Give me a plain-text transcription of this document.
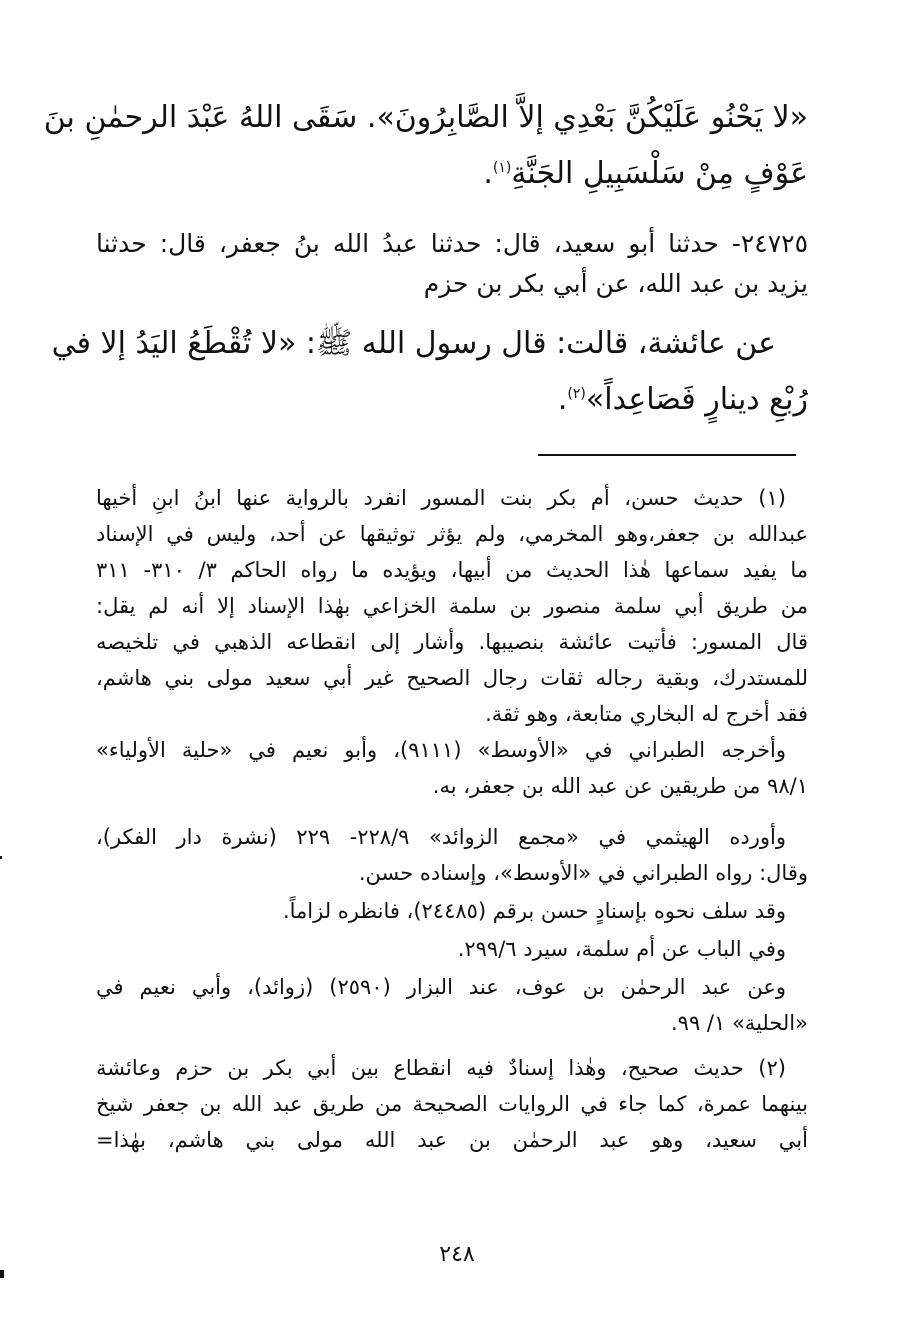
«لا يَحْنُو عَلَيْكُنَّ بَعْدِي إلاَّ الصَّابِرُونَ». سَقَى اللهُ عَبْدَ الرحمٰنِ بنَ
عَوْفٍ مِنْ سَلْسَبِيلِ الجَنَّةِ$^{(١)}$.
٢٤٧٢٥- حدثنا أبو سعيد، قال: حدثنا عبدُ الله بنُ جعفر، قال: حدثنا
يزيد بن عبد الله، عن أبي بكر بن حزم
عن عائشة، قالت: قال رسول الله ﷺ: «لا تُقْطَعُ اليَدُ إلا في
رُبْعِ دينارٍ فَصَاعِداً»$^{(٢)}$.
(١) حديث حسن، أم بكر بنت المسور انفرد بالرواية عنها ابنُ ابنِ أخيها
عبدالله بن جعفر،وهو المخرمي، ولم يؤثر توثيقها عن أحد، وليس في الإسناد
ما يفيد سماعها هٰذا الحديث من أبيها، ويؤيده ما رواه الحاكم ٣/ ٣١٠- ٣١١
من طريق أبي سلمة منصور بن سلمة الخزاعي بهٰذا الإسناد إلا أنه لم يقل:
قال المسور: فأتيت عائشة بنصيبها. وأشار إلى انقطاعه الذهبي في تلخيصه
للمستدرك، وبقية رجاله ثقات رجال الصحيح غير أبي سعيد مولى بني هاشم،
فقد أخرج له البخاري متابعة، وهو ثقة.
وأخرجه الطبراني في «الأوسط» (٩١١١)، وأبو نعيم في «حلية الأولياء»
٩٨/١ من طريقين عن عبد الله بن جعفر، به.
وأورده الهيثمي في «مجمع الزوائد» ٢٢٨/٩- ٢٢٩ (نشرة دار الفكر)،
وقال: رواه الطبراني في «الأوسط»، وإسناده حسن.
وقد سلف نحوه بإسنادٍ حسن برقم (٢٤٤٨٥)، فانظره لزاماً.
وفي الباب عن أم سلمة، سيرد ٢٩٩/٦.
وعن عبد الرحمٰن بن عوف، عند البزار (٢٥٩٠) (زوائد)، وأبي نعيم في
«الحلية» ١/ ٩٩.
(٢) حديث صحيح، وهٰذا إسنادٌ فيه انقطاع بين أبي بكر بن حزم وعائشة
بينهما عمرة، كما جاء في الروايات الصحيحة من طريق عبد الله بن جعفر شيخ
أبي سعيد، وهو عبد الرحمٰن بن عبد الله مولى بني هاشم، بهٰذا=
٢٤٨
